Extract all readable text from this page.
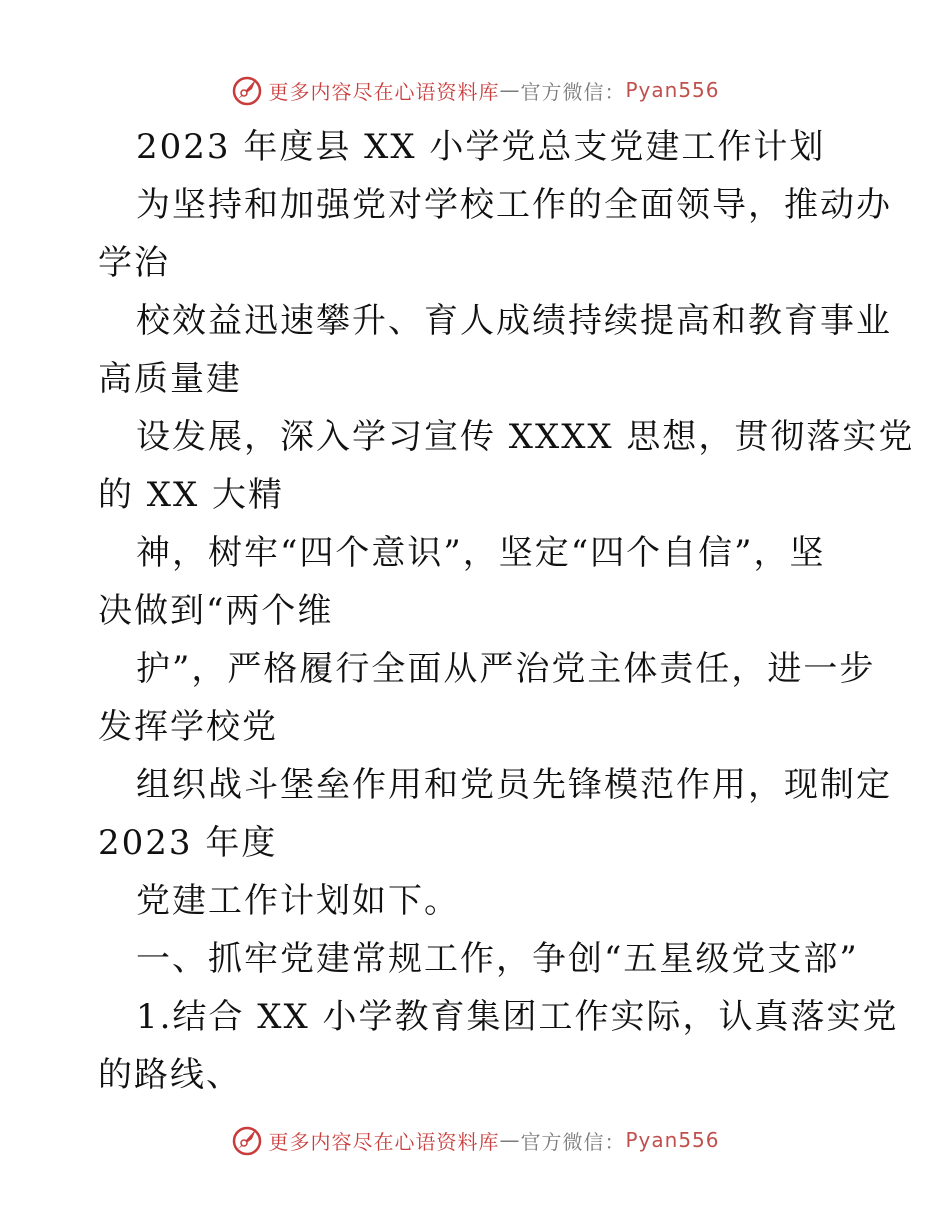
更多内容尽在心语资料库 — 官方微信： Pyan556
2023 年度县 XX 小学党总支党建工作计划
为坚持和加强党对学校工作的全面领导，推动办
学治
校效益迅速攀升、育人成绩持续提高和教育事业
高质量建
设发展，深入学习宣传 XXXX 思想，贯彻落实党
的 XX 大精
神，树牢“四个意识”，坚定“四个自信”，坚
决做到“两个维
护”，严格履行全面从严治党主体责任，进一步
发挥学校党
组织战斗堡垒作用和党员先锋模范作用，现制定
2023 年度
党建工作计划如下。
一、抓牢党建常规工作，争创“五星级党支部”
1.结合 XX 小学教育集团工作实际，认真落实党
的路线、
更多内容尽在心语资料库 — 官方微信： Pyan556
